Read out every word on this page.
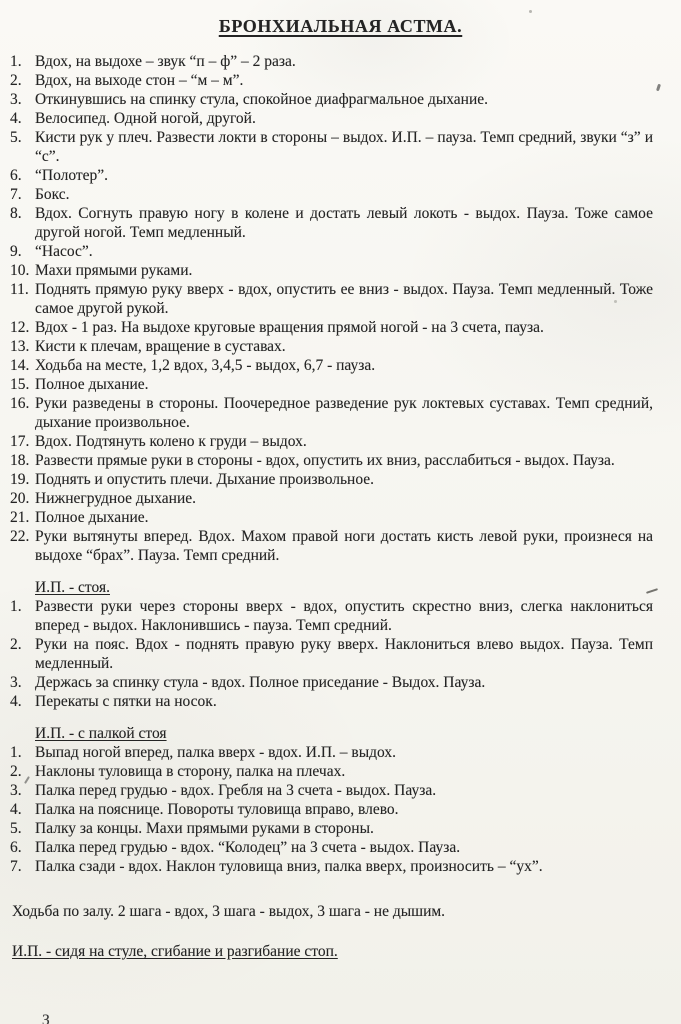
БРОНХИАЛЬНАЯ АСТМА.
1. Вдох, на выдохе – звук “п – ф” – 2 раза.
2. Вдох, на выходе стон – “м – м”.
3. Откинувшись на спинку стула, спокойное диафрагмальное дыхание.
4. Велосипед. Одной ногой, другой.
5. Кисти рук у плеч. Развести локти в стороны – выдох. И.П. – пауза. Темп средний, звуки “з” и “с”.
6. “Полотер”.
7. Бокс.
8. Вдох. Согнуть правую ногу в колене и достать левый локоть - выдох. Пауза. Тоже самое другой ногой. Темп медленный.
9. “Насос”.
10. Махи прямыми руками.
11. Поднять прямую руку вверх - вдох, опустить ее вниз - выдох. Пауза. Темп медленный. Тоже самое другой рукой.
12. Вдох - 1 раз. На выдохе круговые вращения прямой ногой - на 3 счета, пауза.
13. Кисти к плечам, вращение в суставах.
14. Ходьба на месте, 1,2 вдох, 3,4,5 - выдох, 6,7 - пауза.
15. Полное дыхание.
16. Руки разведены в стороны. Поочередное разведение рук локтевых суставах. Темп средний, дыхание произвольное.
17. Вдох. Подтянуть колено к груди – выдох.
18. Развести прямые руки в стороны - вдох, опустить их вниз, расслабиться - выдох. Пауза.
19. Поднять и опустить плечи. Дыхание произвольное.
20. Нижнегрудное дыхание.
21. Полное дыхание.
22. Руки вытянуты вперед. Вдох. Махом правой ноги достать кисть левой руки, произнеся на выдохе “брах”. Пауза. Темп средний.
И.П. - стоя.
1. Развести руки через стороны вверх - вдох, опустить скрестно вниз, слегка наклониться вперед - выдох. Наклонившись - пауза. Темп средний.
2. Руки на пояс. Вдох - поднять правую руку вверх. Наклониться влево выдох. Пауза. Темп медленный.
3. Держась за спинку стула - вдох. Полное приседание - Выдох. Пауза.
4. Перекаты с пятки на носок.
И.П. - с палкой стоя
1. Выпад ногой вперед, палка вверх - вдох. И.П. – выдох.
2. Наклоны туловища в сторону, палка на плечах.
3. Палка перед грудью - вдох. Гребля на 3 счета - выдох. Пауза.
4. Палка на пояснице. Повороты туловища вправо, влево.
5. Палку за концы. Махи прямыми руками в стороны.
6. Палка перед грудью - вдох. “Колодец” на 3 счета - выдох. Пауза.
7. Палка сзади - вдох. Наклон туловища вниз, палка вверх, произносить – “ух”.

Ходьба по залу. 2 шага - вдох, 3 шага - выдох, 3 шага - не дышим.

И.П. - сидя на стуле, сгибание и разгибание стоп.
З
